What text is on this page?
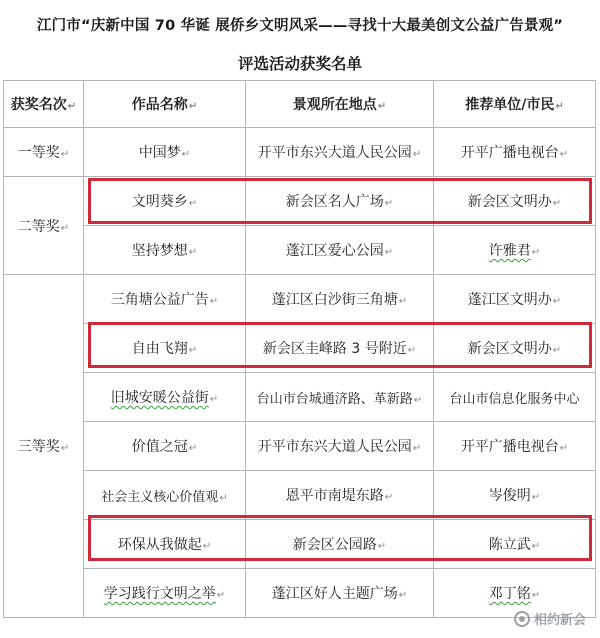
江门市“庆新中国 70 华诞 展侨乡文明风采——寻找十大最美创文公益广告景观”
评选活动获奖名单
获奖名次↵	作品名称↵	景观所在地点↵	推荐单位/市民↵
一等奖↵	中国梦↵	开平市东兴大道人民公园↵	开平广播电视台↵
二等奖↵	文明葵乡↵	新会区名人广场↵	新会区文明办↵
	坚持梦想↵	蓬江区爱心公园↵	许雅君↵
三等奖↵	三角塘公益广告↵	蓬江区白沙街三角塘↵	蓬江区文明办↵
	自由飞翔↵	新会区圭峰路 3 号附近↵	新会区文明办↵
	旧城安暖公益街↵	台山市台城通济路、革新路↵	台山市信息化服务中心
	价值之冠↵	开平市东兴大道人民公园↵	开平广播电视台↵
	社会主义核心价值观↵	恩平市南堤东路↵	岑俊明↵
	环保从我做起↵	新会区公园路↵	陈立武↵
	学习践行文明之举↵	蓬江区好人主题广场↵	邓丁铭↵
相约新会
